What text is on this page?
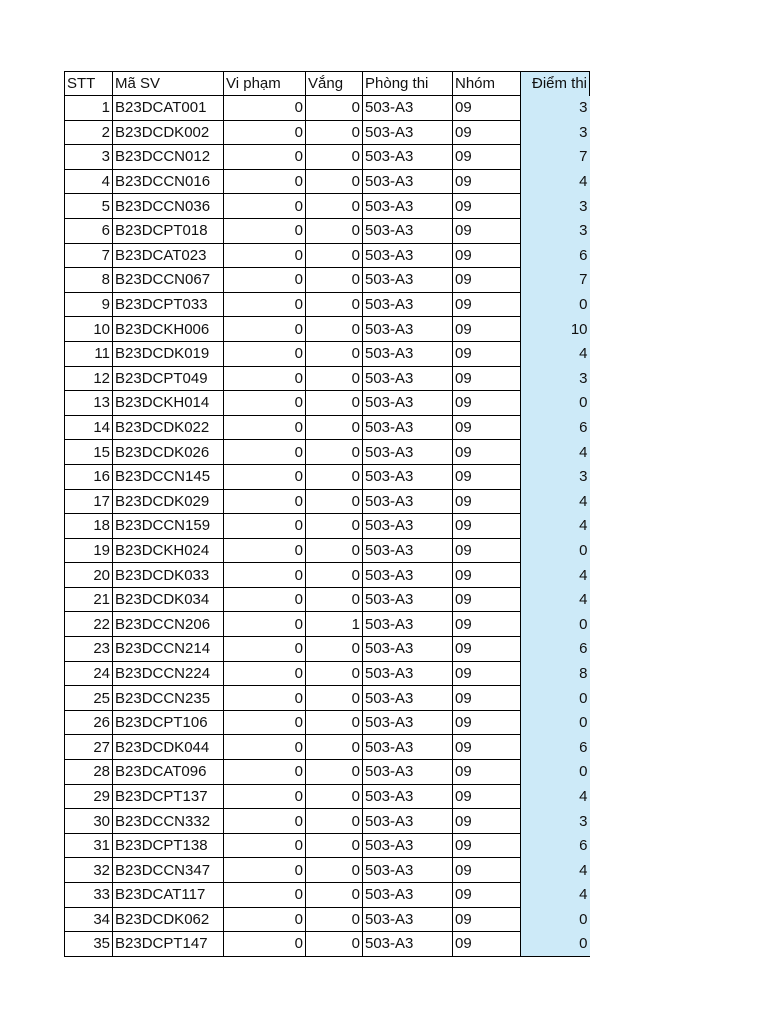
STT	Mã SV	Vi phạm	Vắng	Phòng thi	Nhóm	Điểm thi
1	B23DCAT001	0	0	503-A3	09	3
2	B23DCDK002	0	0	503-A3	09	3
3	B23DCCN012	0	0	503-A3	09	7
4	B23DCCN016	0	0	503-A3	09	4
5	B23DCCN036	0	0	503-A3	09	3
6	B23DCPT018	0	0	503-A3	09	3
7	B23DCAT023	0	0	503-A3	09	6
8	B23DCCN067	0	0	503-A3	09	7
9	B23DCPT033	0	0	503-A3	09	0
10	B23DCKH006	0	0	503-A3	09	10
11	B23DCDK019	0	0	503-A3	09	4
12	B23DCPT049	0	0	503-A3	09	3
13	B23DCKH014	0	0	503-A3	09	0
14	B23DCDK022	0	0	503-A3	09	6
15	B23DCDK026	0	0	503-A3	09	4
16	B23DCCN145	0	0	503-A3	09	3
17	B23DCDK029	0	0	503-A3	09	4
18	B23DCCN159	0	0	503-A3	09	4
19	B23DCKH024	0	0	503-A3	09	0
20	B23DCDK033	0	0	503-A3	09	4
21	B23DCDK034	0	0	503-A3	09	4
22	B23DCCN206	0	1	503-A3	09	0
23	B23DCCN214	0	0	503-A3	09	6
24	B23DCCN224	0	0	503-A3	09	8
25	B23DCCN235	0	0	503-A3	09	0
26	B23DCPT106	0	0	503-A3	09	0
27	B23DCDK044	0	0	503-A3	09	6
28	B23DCAT096	0	0	503-A3	09	0
29	B23DCPT137	0	0	503-A3	09	4
30	B23DCCN332	0	0	503-A3	09	3
31	B23DCPT138	0	0	503-A3	09	6
32	B23DCCN347	0	0	503-A3	09	4
33	B23DCAT117	0	0	503-A3	09	4
34	B23DCDK062	0	0	503-A3	09	0
35	B23DCPT147	0	0	503-A3	09	0
